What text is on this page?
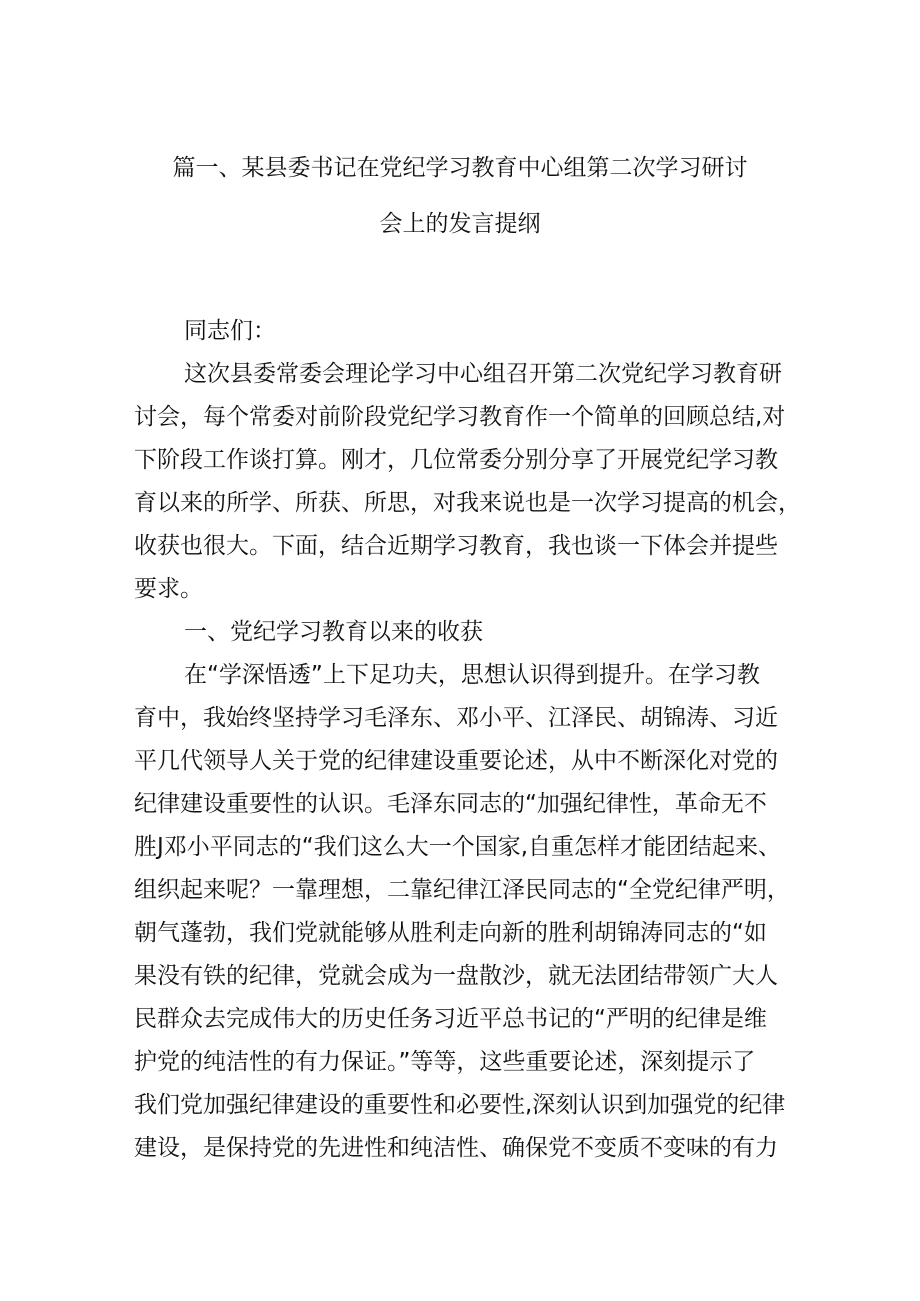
篇一、某县委书记在党纪学习教育中心组第二次学习研讨
会上的发言提纲
同志们：
这次县委常委会理论学习中心组召开第二次党纪学习教育研
讨会，每个常委对前阶段党纪学习教育作一个简单的回顾总结,对
下阶段工作谈打算。刚才，几位常委分别分享了开展党纪学习教
育以来的所学、所获、所思，对我来说也是一次学习提高的机会，
收获也很大。下面，结合近期学习教育，我也谈一下体会并提些
要求。
一、党纪学习教育以来的收获
在“学深悟透”上下足功夫，思想认识得到提升。在学习教
育中，我始终坚持学习毛泽东、邓小平、江泽民、胡锦涛、习近
平几代领导人关于党的纪律建设重要论述，从中不断深化对党的
纪律建设重要性的认识。毛泽东同志的“加强纪律性，革命无不
胜J邓小平同志的“我们这么大一个国家,自重怎样才能团结起来、
组织起来呢？一靠理想，二靠纪律江泽民同志的“全党纪律严明，
朝气蓬勃，我们党就能够从胜利走向新的胜利胡锦涛同志的“如
果没有铁的纪律，党就会成为一盘散沙，就无法团结带领广大人
民群众去完成伟大的历史任务习近平总书记的“严明的纪律是维
护党的纯洁性的有力保证。”等等，这些重要论述，深刻提示了
我们党加强纪律建设的重要性和必要性,深刻认识到加强党的纪律
建设，是保持党的先进性和纯洁性、确保党不变质不变味的有力
